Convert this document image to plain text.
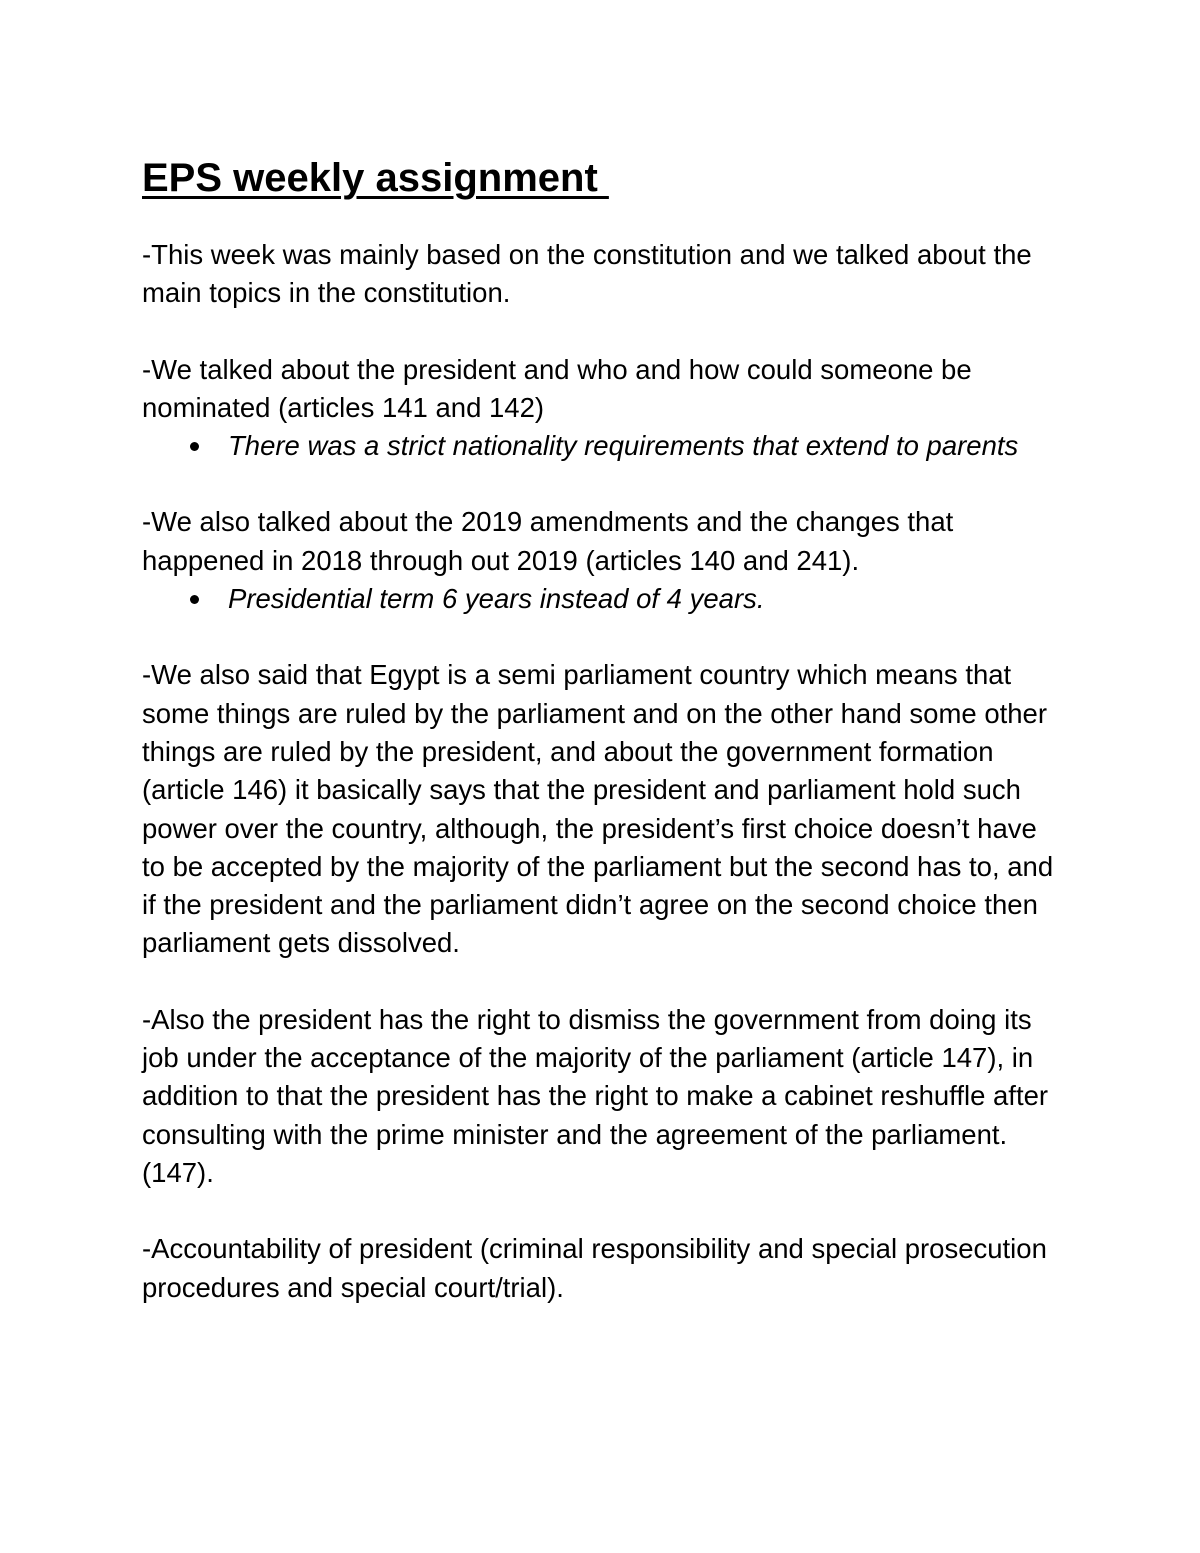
EPS weekly assignment
-This week was mainly based on the constitution and we talked about the main topics in the constitution.
-We talked about the president and who and how could someone be nominated (articles 141 and 142)
There was a strict nationality requirements that extend to parents
-We also talked about the 2019 amendments and the changes that happened in 2018 through out 2019 (articles 140 and 241).
Presidential term 6 years instead of 4 years.
-We also said that Egypt is a semi parliament country which means that some things are ruled by the parliament and on the other hand some other things are ruled by the president, and about the government formation (article 146) it basically says that the president and parliament hold such power over the country, although, the president’s first choice doesn’t have to be accepted by the majority of the parliament but the second has to, and if the president and the parliament didn’t agree on the second choice then parliament gets dissolved.
-Also the president has the right to dismiss the government from doing its job under the acceptance of the majority of the parliament (article 147), in addition to that the president has the right to make a cabinet reshuffle after consulting with the prime minister and the agreement of the parliament. (147).
-Accountability of president (criminal responsibility and special prosecution procedures and special court/trial).
